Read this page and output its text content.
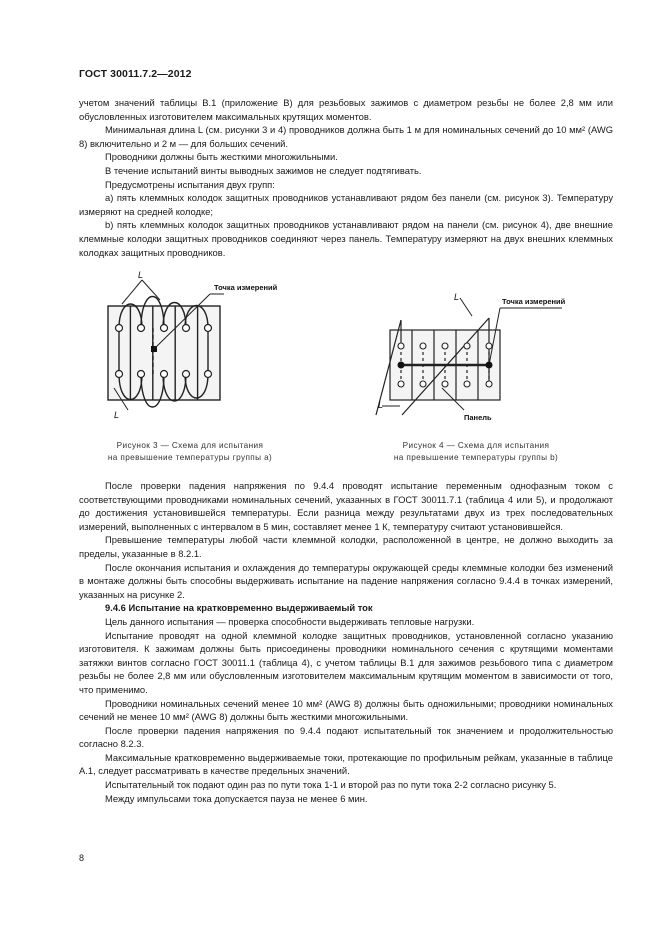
ГОСТ 30011.7.2—2012

учетом значений таблицы В.1 (приложение В) для резьбовых зажимов с диаметром резьбы не более 2,8 мм или обусловленных изготовителем максимальных крутящих моментов.

Минимальная длина L (см. рисунки 3 и 4) проводников должна быть 1 м для номинальных сечений до 10 мм² (AWG 8) включительно и 2 м — для больших сечений.

Проводники должны быть жесткими многожильными.

В течение испытаний винты выводных зажимов не следует подтягивать.

Предусмотрены испытания двух групп:

а) пять клеммных колодок защитных проводников устанавливают рядом без панели (см. рисунок 3). Температуру измеряют на средней колодке;

b) пять клеммных колодок защитных проводников устанавливают рядом на панели (см. рисунок 4), две внешние клеммные колодки защитных проводников соединяют через панель. Температуру измеряют на двух внешних клеммных колодках защитных проводников.

L
L
Точка измерений
Рисунок 3 — Схема для испытания
на превышение температуры группы а)
L
L
Точка измерений
Панель
Рисунок 4 — Схема для испытания
на превышение температуры группы b)

После проверки падения напряжения по 9.4.4 проводят испытание переменным однофазным током с соответствующими проводниками номинальных сечений, указанных в ГОСТ 30011.7.1 (таблица 4 или 5), и продолжают до достижения установившейся температуры. Если разница между результатами двух из трех последовательных измерений, выполненных с интервалом в 5 мин, составляет менее 1 К, температуру считают установившейся.

Превышение температуры любой части клеммной колодки, расположенной в центре, не должно выходить за пределы, указанные в 8.2.1.

После окончания испытания и охлаждения до температуры окружающей среды клеммные колодки без изменений в монтаже должны быть способны выдерживать испытание на падение напряжения согласно 9.4.4 в точках измерений, указанных на рисунке 2.

9.4.6 Испытание на кратковременно выдерживаемый ток

Цель данного испытания — проверка способности выдерживать тепловые нагрузки.

Испытание проводят на одной клеммной колодке защитных проводников, установленной согласно указанию изготовителя. К зажимам должны быть присоединены проводники номинального сечения с крутящими моментами затяжки винтов согласно ГОСТ 30011.1 (таблица 4), с учетом таблицы В.1 для зажимов резьбового типа с диаметром резьбы не более 2,8 мм или обусловленным изготовителем максимальным крутящим моментом в зависимости от того, что применимо.

Проводники номинальных сечений менее 10 мм² (AWG 8) должны быть одножильными; проводники номинальных сечений не менее 10 мм² (AWG 8) должны быть жесткими многожильными.

После проверки падения напряжения по 9.4.4 подают испытательный ток значением и продолжительностью согласно 8.2.3.

Максимальные кратковременно выдерживаемые токи, протекающие по профильным рейкам, указанные в таблице А.1, следует рассматривать в качестве предельных значений.

Испытательный ток подают один раз по пути тока 1-1 и второй раз по пути тока 2-2 согласно рисунку 5.

Между импульсами тока допускается пауза не менее 6 мин.

8
